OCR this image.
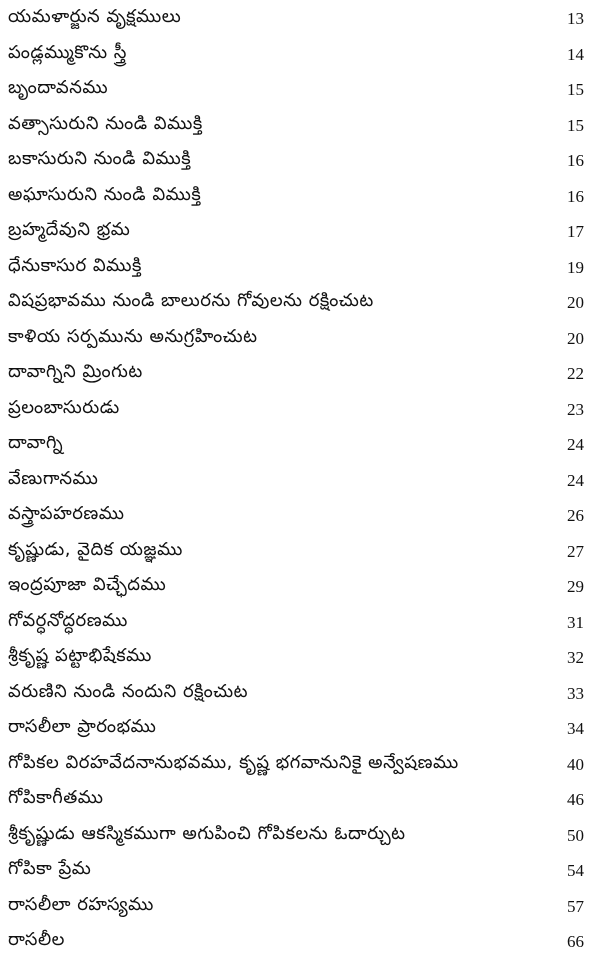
యమళార్జున వృక్షములు	13
పండ్లమ్ముకొను స్త్రీ	14
బృందావనము	15
వత్సాసురుని నుండి విముక్తి	15
బకాసురుని నుండి విముక్తి	16
అఘాసురుని నుండి విముక్తి	16
బ్రహ్మదేవుని భ్రమ	17
ధేనుకాసుర విముక్తి	19
విషప్రభావము నుండి బాలురను గోవులను రక్షించుట	20
కాళియ సర్పమును అనుగ్రహించుట	20
దావాగ్నిని మ్రింగుట	22
ప్రలంబాసురుడు	23
దావాగ్ని	24
వేణుగానము	24
వస్త్రాపహరణము	26
కృష్ణుడు, వైదిక యజ్ఞము	27
ఇంద్రపూజా విచ్ఛేదము	29
గోవర్ధనోద్ధరణము	31
శ్రీకృష్ణ పట్టాభిషేకము	32
వరుణిని నుండి నందుని రక్షించుట	33
రాసలీలా ప్రారంభము	34
గోపికల విరహవేదనానుభవము, కృష్ణ భగవానునికై అన్వేషణము	40
గోపికాగీతము	46
శ్రీకృష్ణుడు ఆకస్మికముగా అగుపించి గోపికలను ఓదార్చుట	50
గోపికా ప్రేమ	54
రాసలీలా రహస్యము	57
రాసలీల	66
